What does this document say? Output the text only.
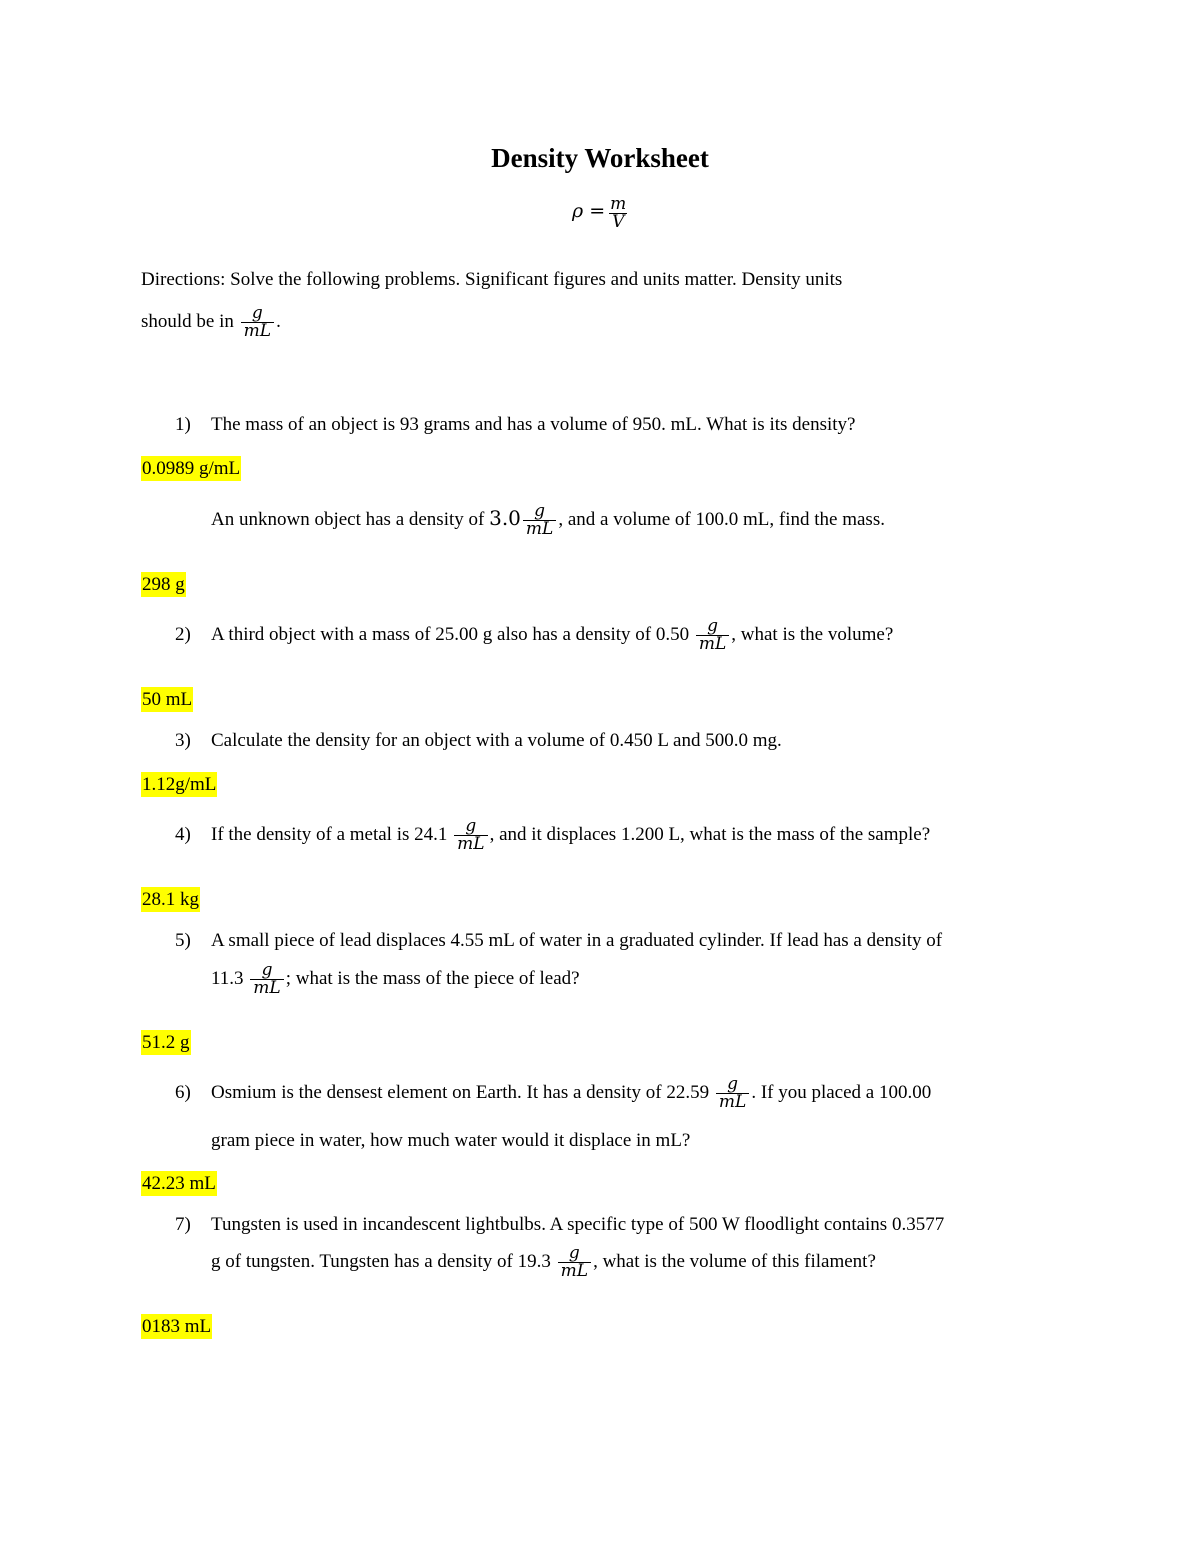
Density Worksheet
$\rho = \frac{m}{V}$
Directions: Solve the following problems. Significant figures and units matter. Density units
should be in $\frac{g}{mL}$ .
1) The mass of an object is 93 grams and has a volume of 950. mL. What is its density?
0.0989 g/mL
An unknown object has a density of $3.0 \frac{g}{mL}$ , and a volume of 100.0 mL, find the mass.
298 g
2) A third object with a mass of 25.00 g also has a density of $0.50 \frac{g}{mL}$ , what is the volume?
50 mL
3) Calculate the density for an object with a volume of 0.450 L and 500.0 mg.
1.12g/mL
4) If the density of a metal is $24.1 \frac{g}{mL}$ , and it displaces 1.200 L, what is the mass of the sample?
28.1 kg
5) A small piece of lead displaces 4.55 mL of water in a graduated cylinder. If lead has a density of
$11.3 \frac{g}{mL}$ ; what is the mass of the piece of lead?
51.2 g
6) Osmium is the densest element on Earth. It has a density of $22.59 \frac{g}{mL}$ . If you placed a 100.00
gram piece in water, how much water would it displace in mL?
42.23 mL
7) Tungsten is used in incandescent lightbulbs. A specific type of 500 W floodlight contains 0.3577
g of tungsten. Tungsten has a density of $19.3 \frac{g}{mL}$ , what is the volume of this filament?
0183 mL
